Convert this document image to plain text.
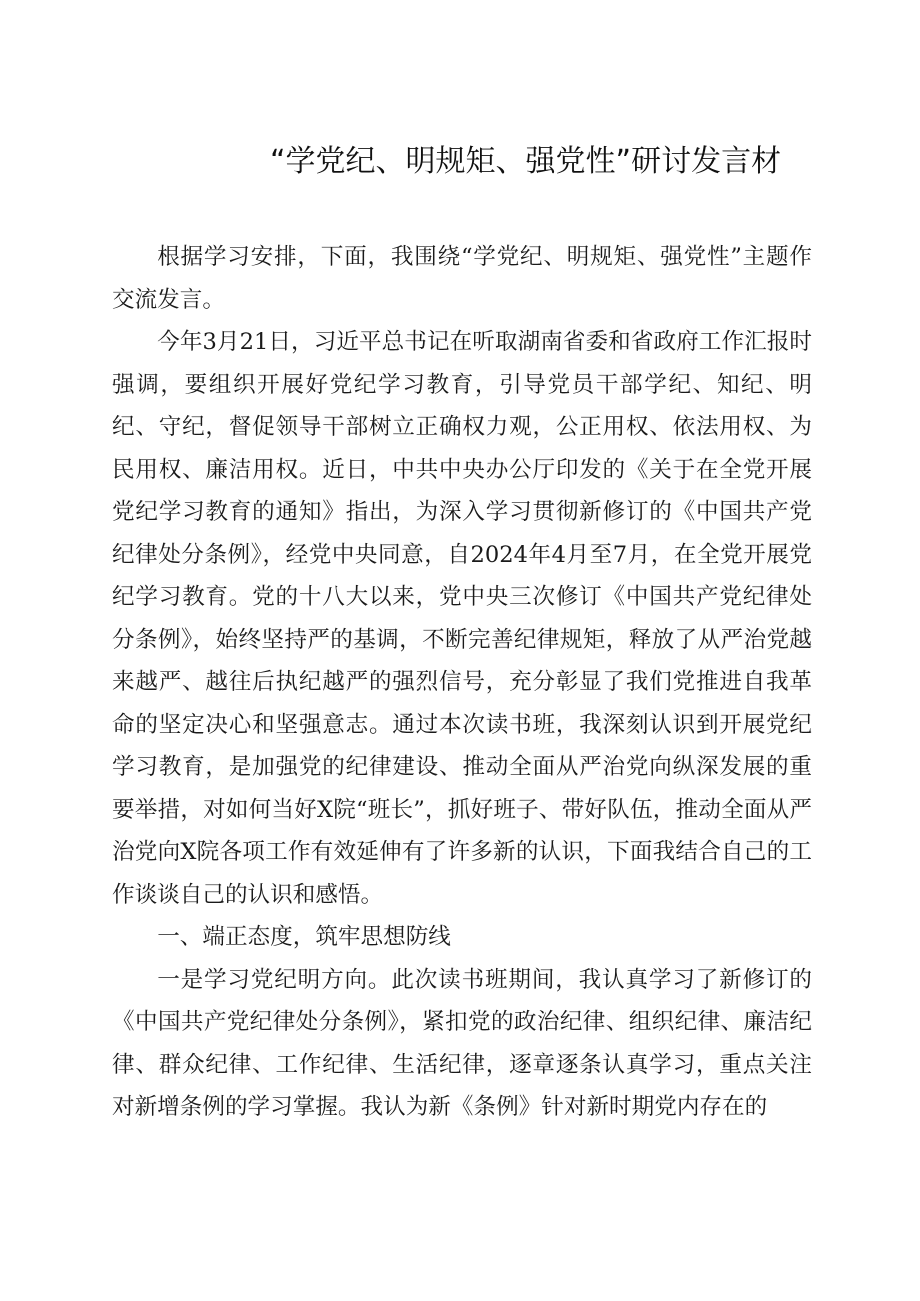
“学党纪、明规矩、强党性”研讨发言材

根据学习安排，下面，我围绕“学党纪、明规矩、强党性”主题作交流发言。

今年3月21日，习近平总书记在听取湖南省委和省政府工作汇报时强调，要组织开展好党纪学习教育，引导党员干部学纪、知纪、明纪、守纪，督促领导干部树立正确权力观，公正用权、依法用权、为民用权、廉洁用权。近日，中共中央办公厅印发的《关于在全党开展党纪学习教育的通知》指出，为深入学习贯彻新修订的《中国共产党纪律处分条例》，经党中央同意，自2024年4月至7月，在全党开展党纪学习教育。党的十八大以来，党中央三次修订《中国共产党纪律处分条例》，始终坚持严的基调，不断完善纪律规矩，释放了从严治党越来越严、越往后执纪越严的强烈信号，充分彰显了我们党推进自我革命的坚定决心和坚强意志。通过本次读书班，我深刻认识到开展党纪学习教育，是加强党的纪律建设、推动全面从严治党向纵深发展的重要举措，对如何当好X院“班长”，抓好班子、带好队伍，推动全面从严治党向X院各项工作有效延伸有了许多新的认识，下面我结合自己的工作谈谈自己的认识和感悟。

一、端正态度，筑牢思想防线

一是学习党纪明方向。此次读书班期间，我认真学习了新修订的《中国共产党纪律处分条例》，紧扣党的政治纪律、组织纪律、廉洁纪律、群众纪律、工作纪律、生活纪律，逐章逐条认真学习，重点关注对新增条例的学习掌握。我认为新《条例》针对新时期党内存在的
